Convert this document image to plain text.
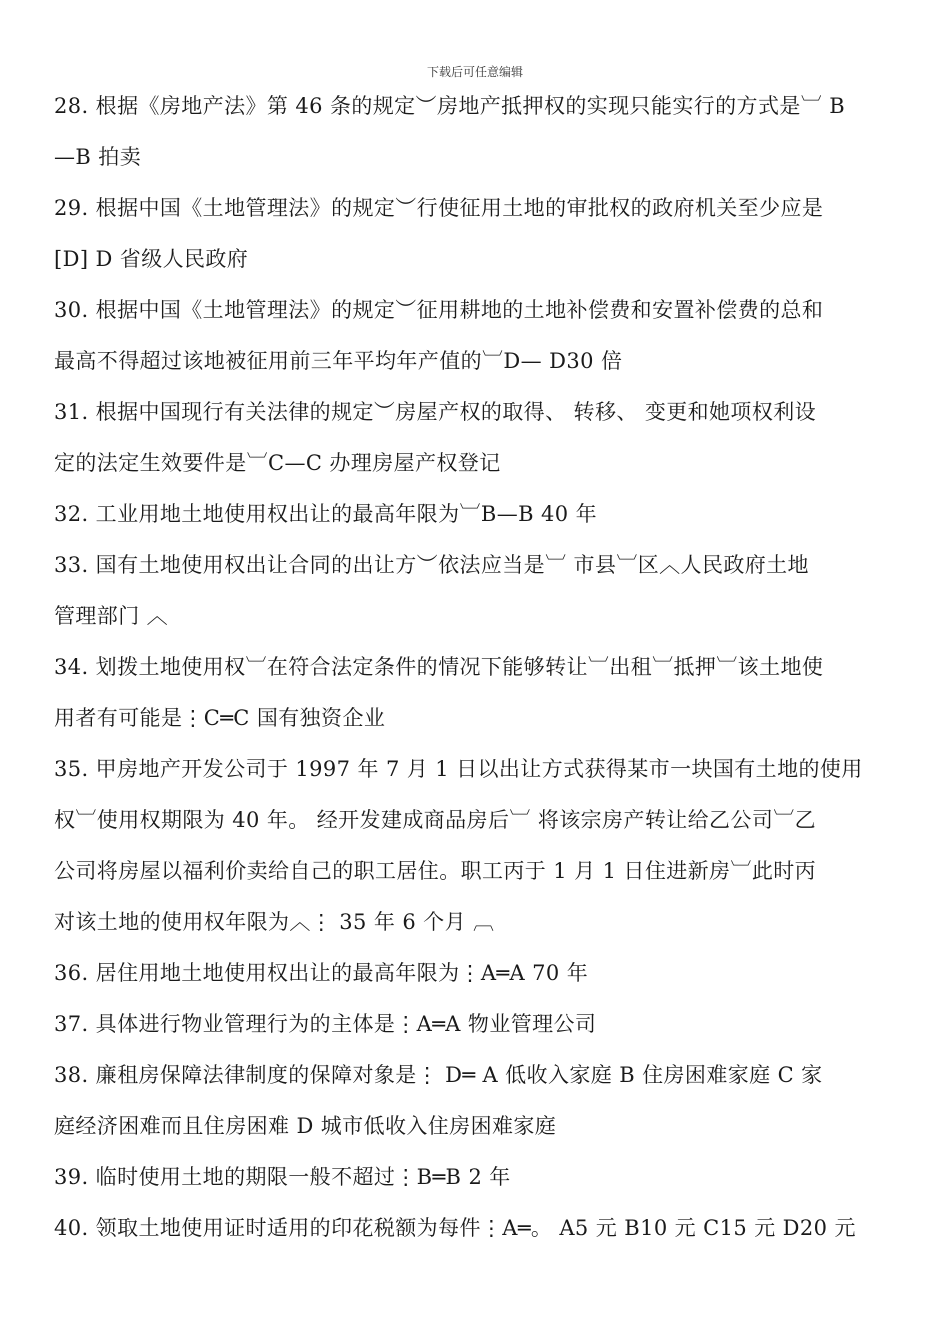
下载后可任意编辑
28. 根据《房地产法》第 46 条的规定︶房地产抵押权的实现只能实行的方式是︺ B
—B 拍卖
29. 根据中国《土地管理法》的规定︶行使征用土地的审批权的政府机关至少应是
[D] D 省级人民政府
30. 根据中国《土地管理法》的规定︶征用耕地的土地补偿费和安置补偿费的总和
最高不得超过该地被征用前三年平均年产值的︺D— D30 倍
31. 根据中国现行有关法律的规定︶房屋产权的取得、 转移、 变更和她项权利设
定的法定生效要件是︺C—C 办理房屋产权登记
32. 工业用地土地使用权出让的最高年限为︺B—B 40 年
33. 国有土地使用权出让合同的出让方︶依法应当是︺ 市县︺区︿人民政府土地
管理部门 ︿
34. 划拨土地使用权︺在符合法定条件的情况下能够转让︺出租︺抵押︺该土地使
用者有可能是⋮C═C 国有独资企业
35. 甲房地产开发公司于 1997 年 7 月 1 日以出让方式获得某市一块国有土地的使用
权︺使用权期限为 40 年。 经开发建成商品房后︺ 将该宗房产转让给乙公司︺乙
公司将房屋以福利价卖给自己的职工居住。职工丙于 1 月 1 日住进新房︺此时丙
对该土地的使用权年限为︿⋮ 35 年 6 个月 ︹
36. 居住用地土地使用权出让的最高年限为⋮A═A 70 年
37. 具体进行物业管理行为的主体是⋮A═A 物业管理公司
38. 廉租房保障法律制度的保障对象是⋮ D═ A 低收入家庭 B 住房困难家庭 C 家
庭经济困难而且住房困难 D 城市低收入住房困难家庭
39. 临时使用土地的期限一般不超过⋮B═B 2 年
40. 领取土地使用证时适用的印花税额为每件⋮A═。 A5 元 B10 元 C15 元 D20 元
